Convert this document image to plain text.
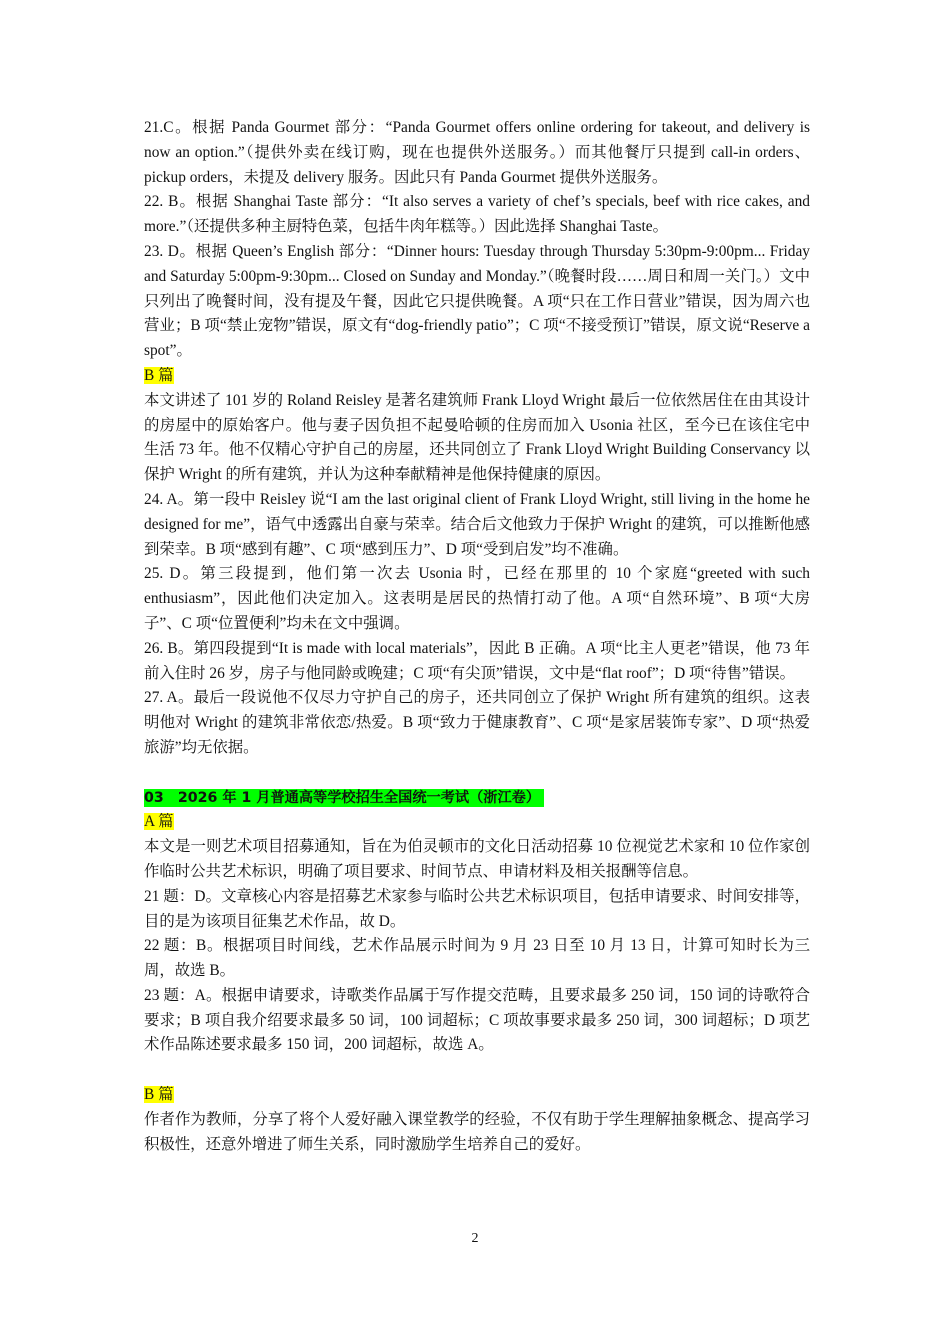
21.C。根据 Panda Gourmet 部分：“Panda Gourmet offers online ordering for takeout, and delivery is now an option.”（提供外卖在线订购，现在也提供外送服务。）而其他餐厅只提到 call-in orders、pickup orders，未提及 delivery 服务。因此只有 Panda Gourmet 提供外送服务。

22. B。根据 Shanghai Taste 部分：“It also serves a variety of chef’s specials, beef with rice cakes, and more.”（还提供多种主厨特色菜，包括牛肉年糕等。）因此选择 Shanghai Taste。

23. D。根据 Queen’s English 部分：“Dinner hours: Tuesday through Thursday 5:30pm-9:00pm... Friday and Saturday 5:00pm-9:30pm... Closed on Sunday and Monday.”（晚餐时段……周日和周一关门。）文中只列出了晚餐时间，没有提及午餐，因此它只提供晚餐。A 项“只在工作日营业”错误，因为周六也营业；B 项“禁止宠物”错误，原文有“dog-friendly patio”；C 项“不接受预订”错误，原文说“Reserve a spot”。

B 篇

本文讲述了 101 岁的 Roland Reisley 是著名建筑师 Frank Lloyd Wright 最后一位依然居住在由其设计的房屋中的原始客户。他与妻子因负担不起曼哈顿的住房而加入 Usonia 社区，至今已在该住宅中生活 73 年。他不仅精心守护自己的房屋，还共同创立了 Frank Lloyd Wright Building Conservancy 以保护 Wright 的所有建筑，并认为这种奉献精神是他保持健康的原因。

24. A。第一段中 Reisley 说“I am the last original client of Frank Lloyd Wright, still living in the home he designed for me”，语气中透露出自豪与荣幸。结合后文他致力于保护 Wright 的建筑，可以推断他感到荣幸。B 项“感到有趣”、C 项“感到压力”、D 项“受到启发”均不准确。

25. D。第三段提到，他们第一次去 Usonia 时，已经在那里的 10 个家庭“greeted with such enthusiasm”，因此他们决定加入。这表明是居民的热情打动了他。A 项“自然环境”、B 项“大房子”、C 项“位置便利”均未在文中强调。

26. B。第四段提到“It is made with local materials”，因此 B 正确。A 项“比主人更老”错误，他 73 年前入住时 26 岁，房子与他同龄或晚建；C 项“有尖顶”错误，文中是“flat roof”；D 项“待售”错误。

27. A。最后一段说他不仅尽力守护自己的房子，还共同创立了保护 Wright 所有建筑的组织。这表明他对 Wright 的建筑非常依恋/热爱。B 项“致力于健康教育”、C 项“是家居装饰专家”、D 项“热爱旅游”均无依据。

03　2026 年 1 月普通高等学校招生全国统一考试（浙江卷）

A 篇

本文是一则艺术项目招募通知，旨在为伯灵顿市的文化日活动招募 10 位视觉艺术家和 10 位作家创作临时公共艺术标识，明确了项目要求、时间节点、申请材料及相关报酬等信息。

21 题：D。文章核心内容是招募艺术家参与临时公共艺术标识项目，包括申请要求、时间安排等，目的是为该项目征集艺术作品，故 D。

22 题：B。根据项目时间线，艺术作品展示时间为 9 月 23 日至 10 月 13 日，计算可知时长为三周，故选 B。

23 题：A。根据申请要求，诗歌类作品属于写作提交范畴，且要求最多 250 词，150 词的诗歌符合要求；B 项自我介绍要求最多 50 词，100 词超标；C 项故事要求最多 250 词，300 词超标；D 项艺术作品陈述要求最多 150 词，200 词超标，故选 A。

B 篇

作者作为教师，分享了将个人爱好融入课堂教学的经验，不仅有助于学生理解抽象概念、提高学习积极性，还意外增进了师生关系，同时激励学生培养自己的爱好。

2
